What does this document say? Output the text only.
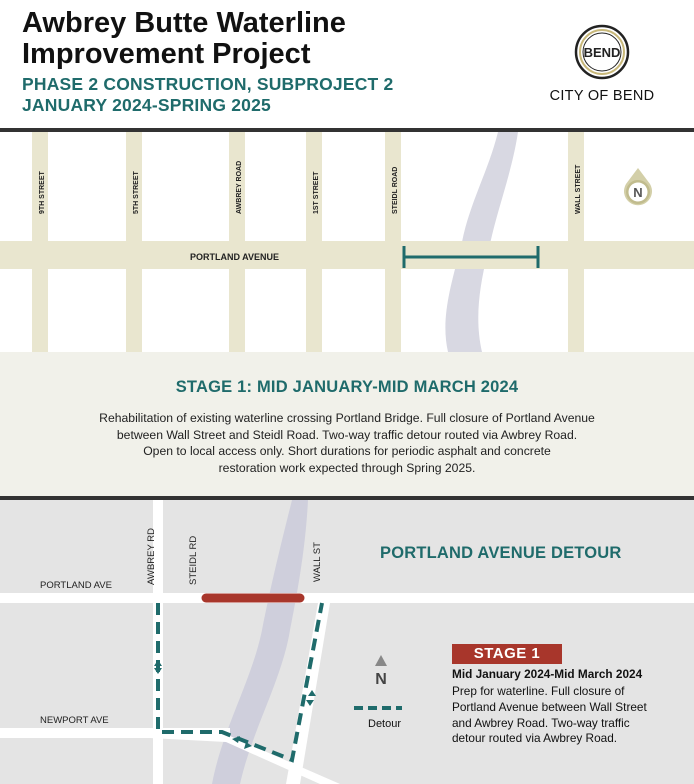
Awbrey Butte Waterline
Improvement Project
PHASE 2 CONSTRUCTION, SUBPROJECT 2
JANUARY 2024-SPRING 2025
BEND
CITY OF BEND
9TH STREET	5TH STREET	AWBREY ROAD	1ST STREET	STEIDL ROAD	WALL STREET
PORTLAND AVENUE
N
STAGE 1: MID JANUARY-MID MARCH 2024
Rehabilitation of existing waterline crossing Portland Bridge. Full closure of Portland Avenue
between Wall Street and Steidl Road. Two-way traffic detour routed via Awbrey Road.
Open to local access only. Short durations for periodic asphalt and concrete
restoration work expected through Spring 2025.
PORTLAND AVE
NEWPORT AVE
AWBREY RD	STEIDL RD	WALL ST
N
PORTLAND AVENUE DETOUR
Detour
STAGE 1
Mid January 2024-Mid March 2024
Prep for waterline. Full closure of
Portland Avenue between Wall Street
and Awbrey Road. Two-way traffic
detour routed via Awbrey Road.
